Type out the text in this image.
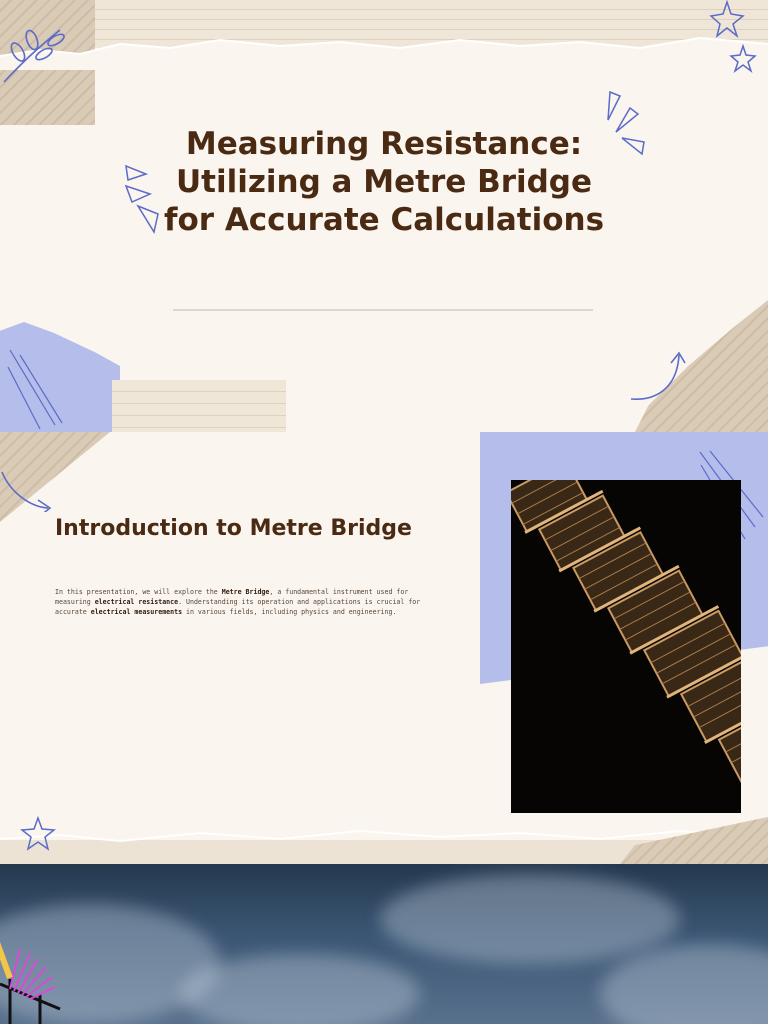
Measuring Resistance:
Utilizing a Metre Bridge
for Accurate Calculations
Introduction to Metre Bridge

In this presentation, we will explore the Metre Bridge, a fundamental instrument used for measuring electrical resistance. Understanding its operation and applications is crucial for accurate electrical measurements in various fields, including physics and engineering.
